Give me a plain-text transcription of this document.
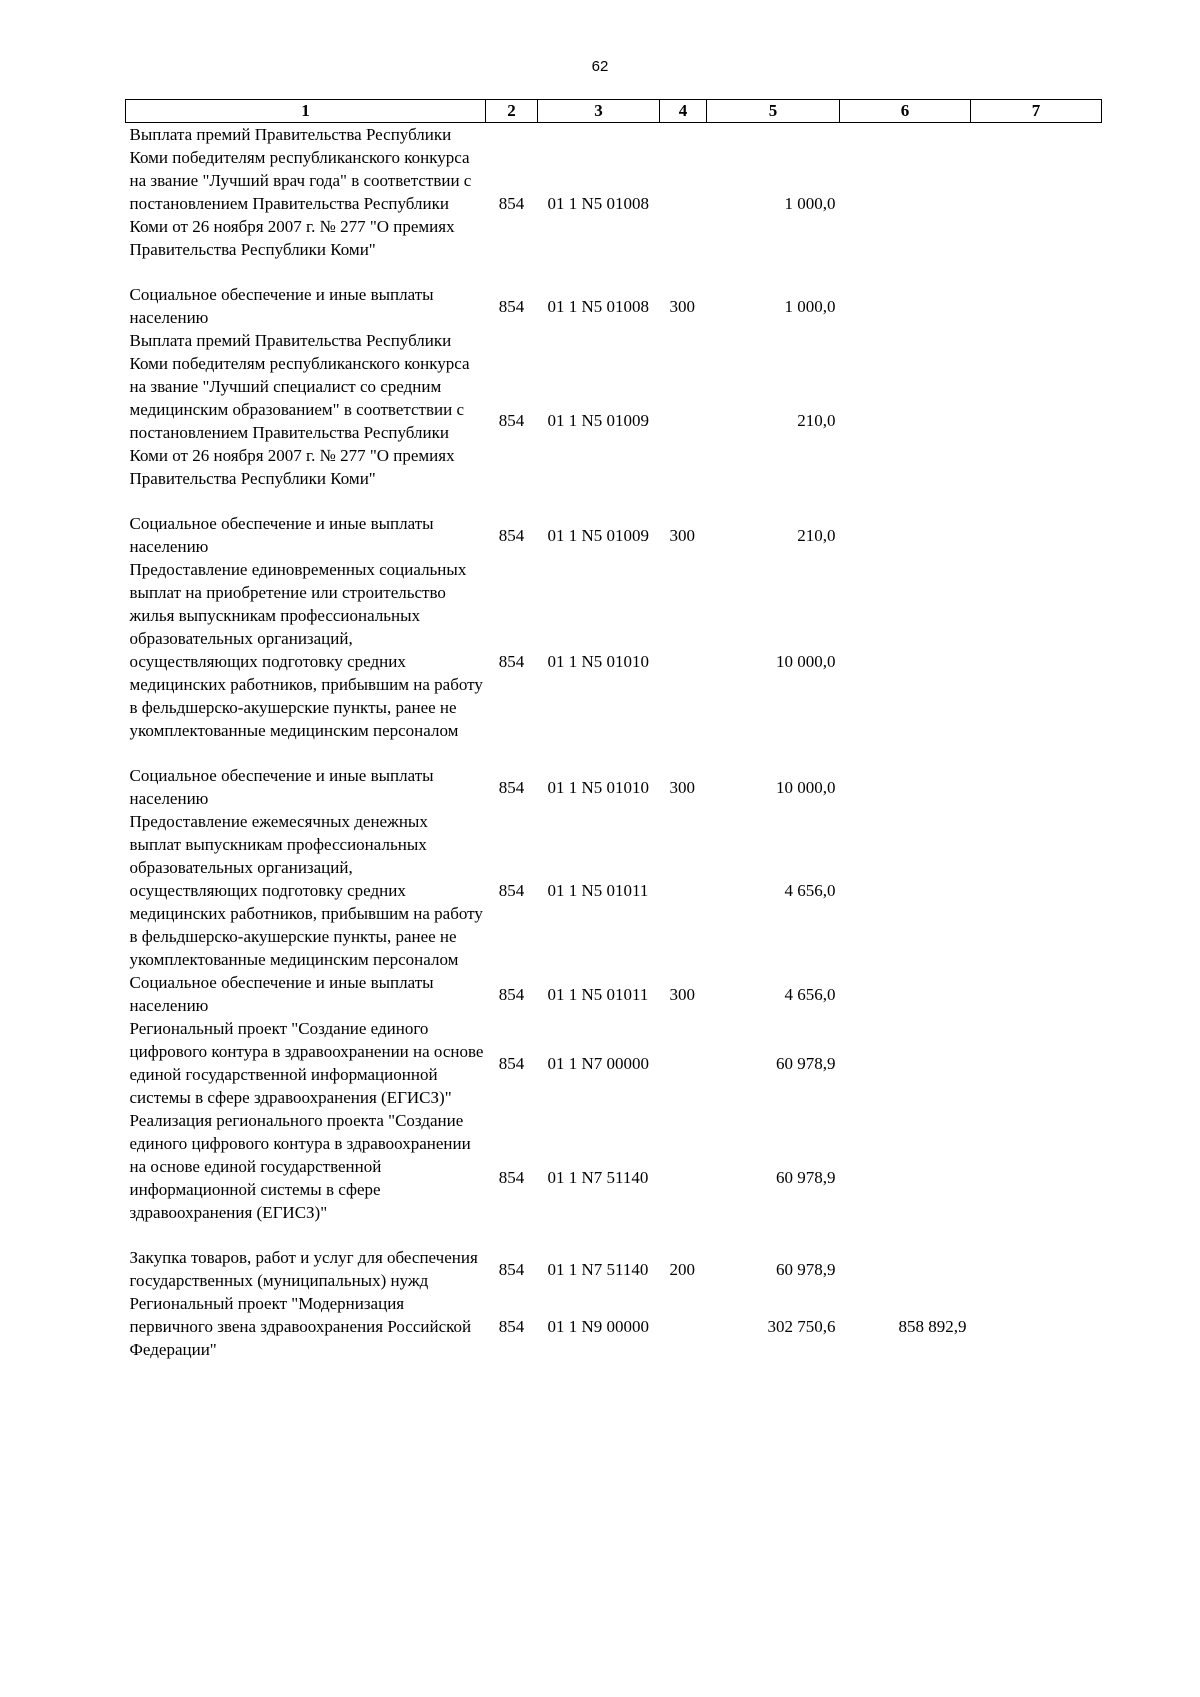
62
1	2	3	4	5	6	7
Выплата премий Правительства Республики Коми победителям республиканского конкурса на звание "Лучший врач года" в соответствии с постановлением Правительства Республики Коми от 26 ноября 2007 г. № 277 "О премиях Правительства Республики Коми"	854	01 1 N5 01008		1 000,0		
Социальное обеспечение и иные выплаты населению	854	01 1 N5 01008	300	1 000,0		
Выплата премий Правительства Республики Коми победителям республиканского конкурса на звание "Лучший специалист со средним медицинским образованием" в соответствии с постановлением Правительства Республики Коми от 26 ноября 2007 г. № 277 "О премиях Правительства Республики Коми"	854	01 1 N5 01009		210,0		
Социальное обеспечение и иные выплаты населению	854	01 1 N5 01009	300	210,0		
Предоставление единовременных социальных выплат на приобретение или строительство жилья выпускникам профессиональных образовательных организаций, осуществляющих подготовку средних медицинских работников, прибывшим на работу в фельдшерско-акушерские пункты, ранее не укомплектованные медицинским персоналом	854	01 1 N5 01010		10 000,0		
Социальное обеспечение и иные выплаты населению	854	01 1 N5 01010	300	10 000,0		
Предоставление ежемесячных денежных выплат выпускникам профессиональных образовательных организаций, осуществляющих подготовку средних медицинских работников, прибывшим на работу в фельдшерско-акушерские пункты, ранее не укомплектованные медицинским персоналом	854	01 1 N5 01011		4 656,0		
Социальное обеспечение и иные выплаты населению	854	01 1 N5 01011	300	4 656,0		
Региональный проект "Создание единого цифрового контура в здравоохранении на основе единой государственной информационной системы в сфере здравоохранения (ЕГИСЗ)"	854	01 1 N7 00000		60 978,9		
Реализация регионального проекта "Создание единого цифрового контура в здравоохранении на основе единой государственной информационной системы в сфере здравоохранения (ЕГИСЗ)"	854	01 1 N7 51140		60 978,9		
Закупка товаров, работ и услуг для обеспечения государственных (муниципальных) нужд	854	01 1 N7 51140	200	60 978,9		
Региональный проект "Модернизация первичного звена здравоохранения Российской Федерации"	854	01 1 N9 00000		302 750,6	858 892,9	
